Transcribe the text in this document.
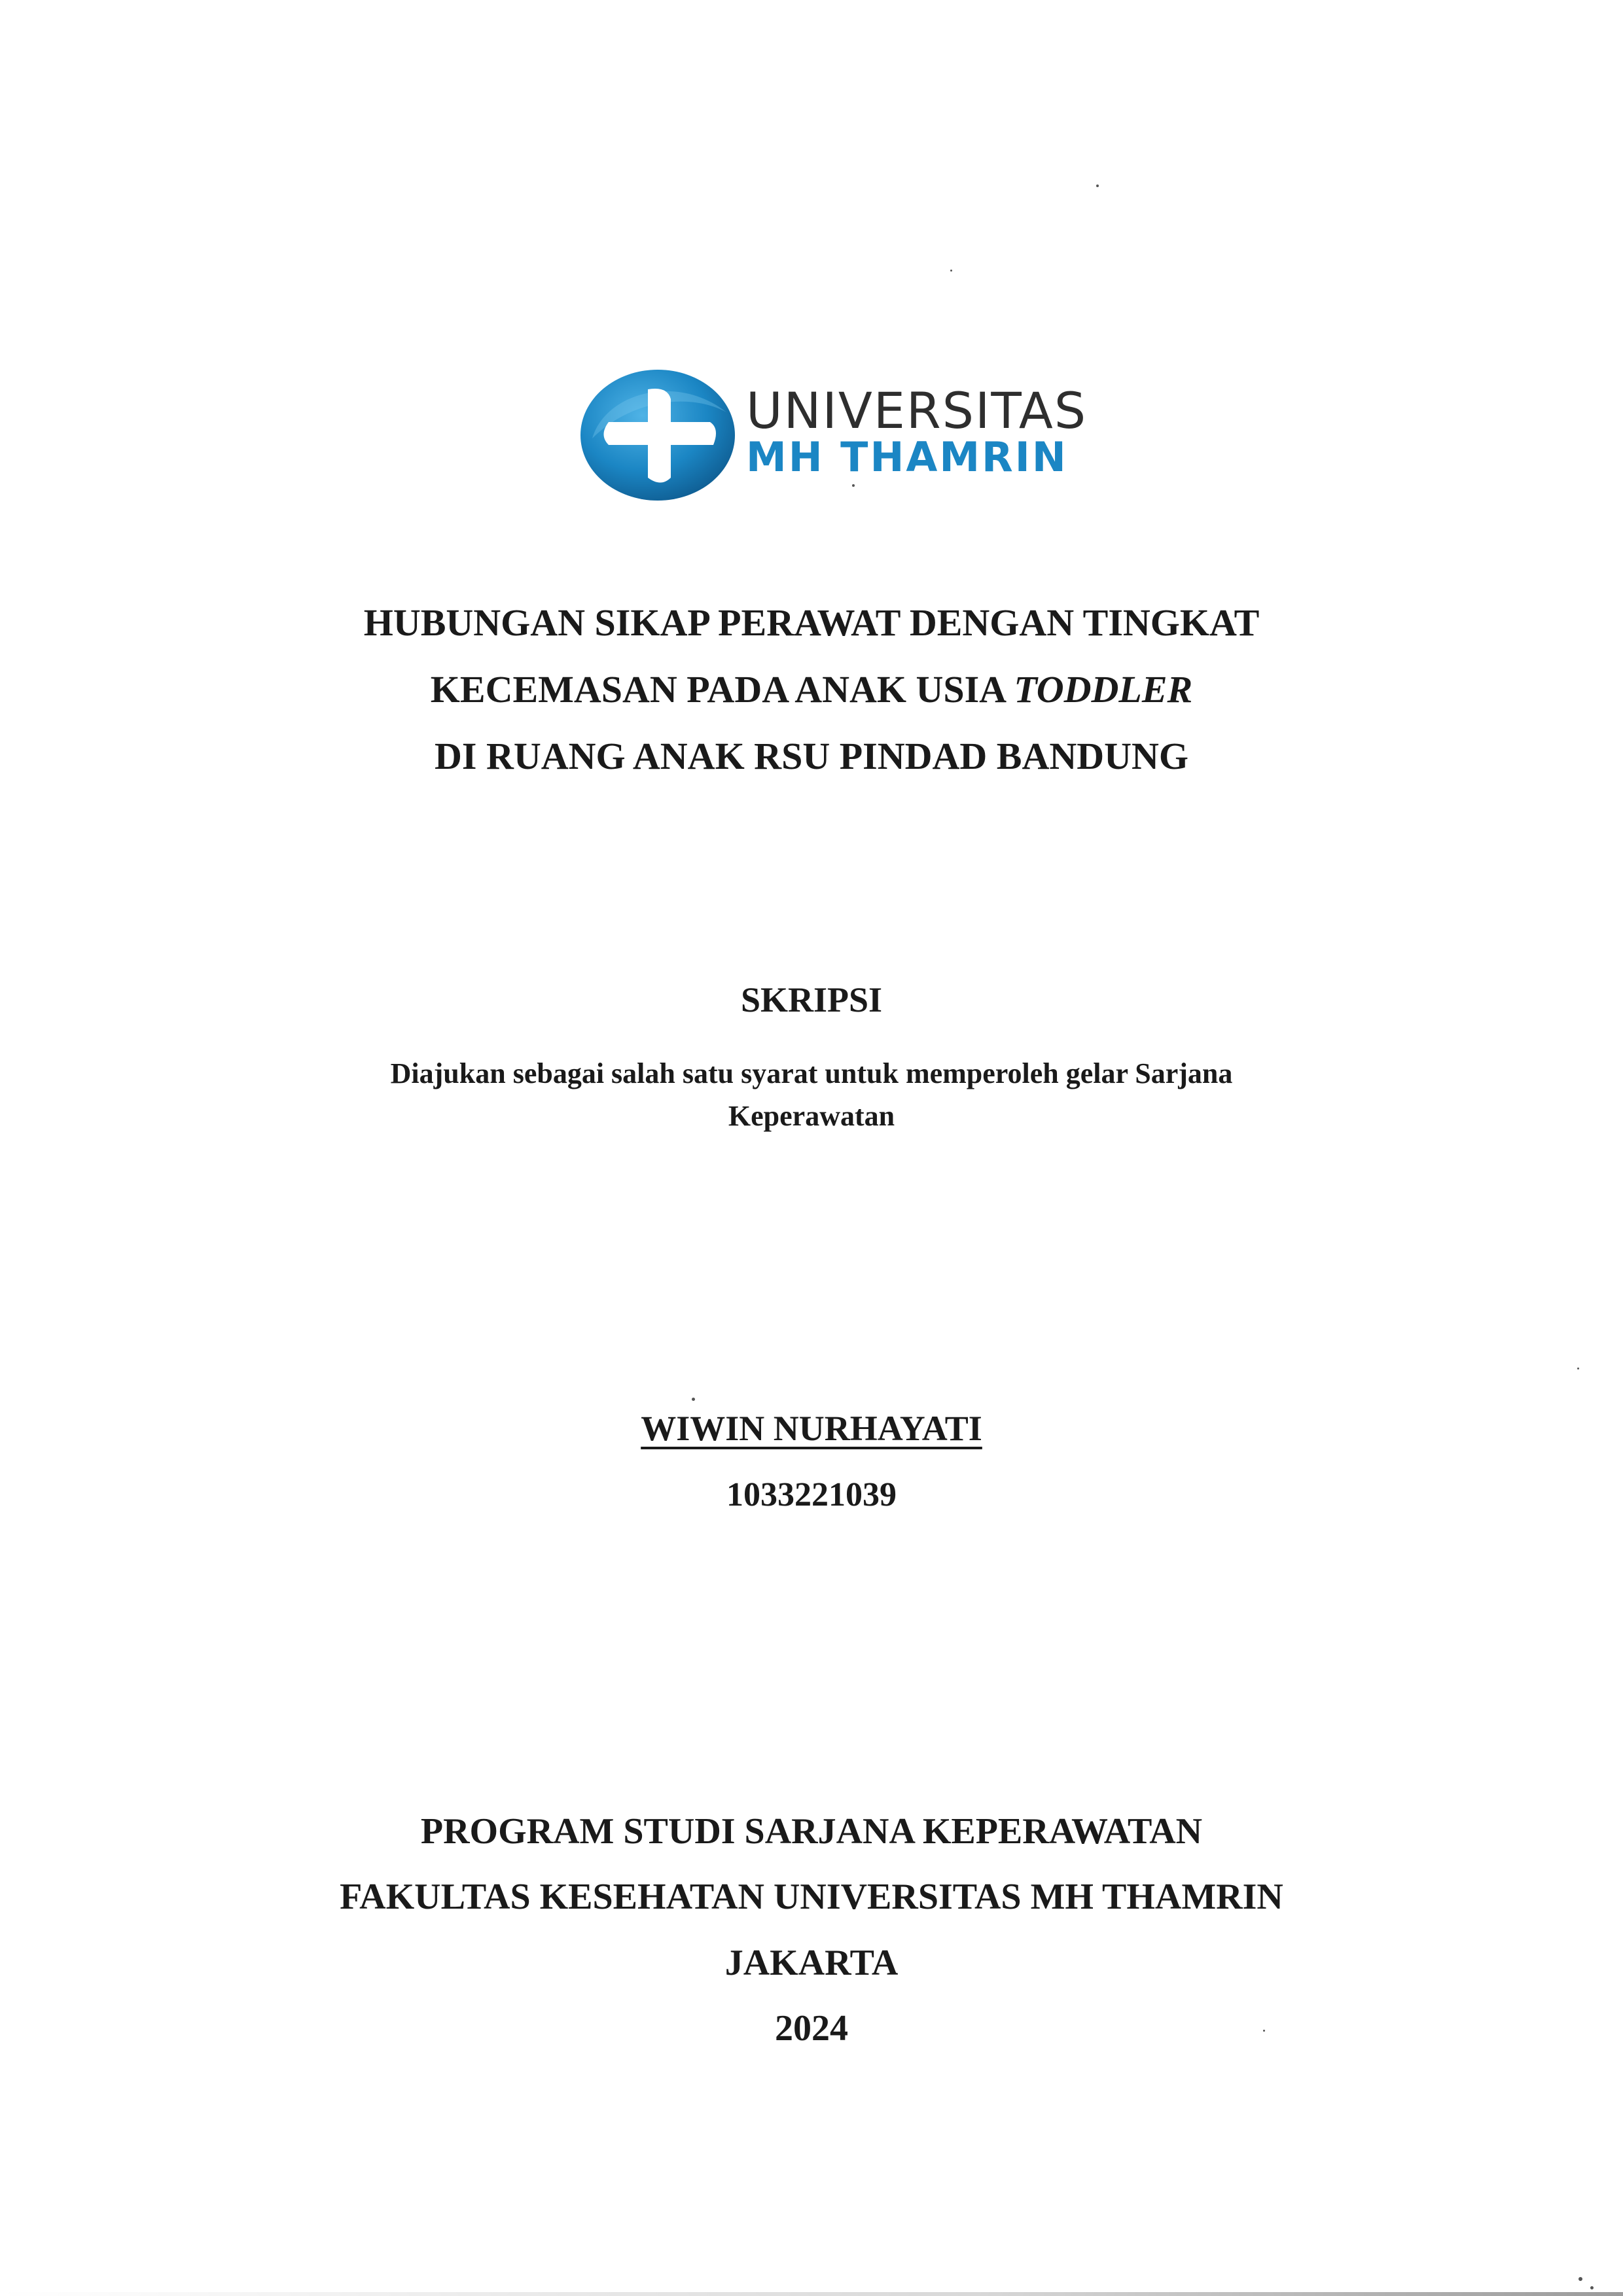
UNIVERSITAS
MH THAMRIN
HUBUNGAN SIKAP PERAWAT DENGAN TINGKAT
KECEMASAN PADA ANAK USIA TODDLER
DI RUANG ANAK RSU PINDAD BANDUNG
SKRIPSI
Diajukan sebagai salah satu syarat untuk memperoleh gelar Sarjana
Keperawatan
WIWIN NURHAYATI
1033221039
PROGRAM STUDI SARJANA KEPERAWATAN
FAKULTAS KESEHATAN UNIVERSITAS MH THAMRIN
JAKARTA
2024
